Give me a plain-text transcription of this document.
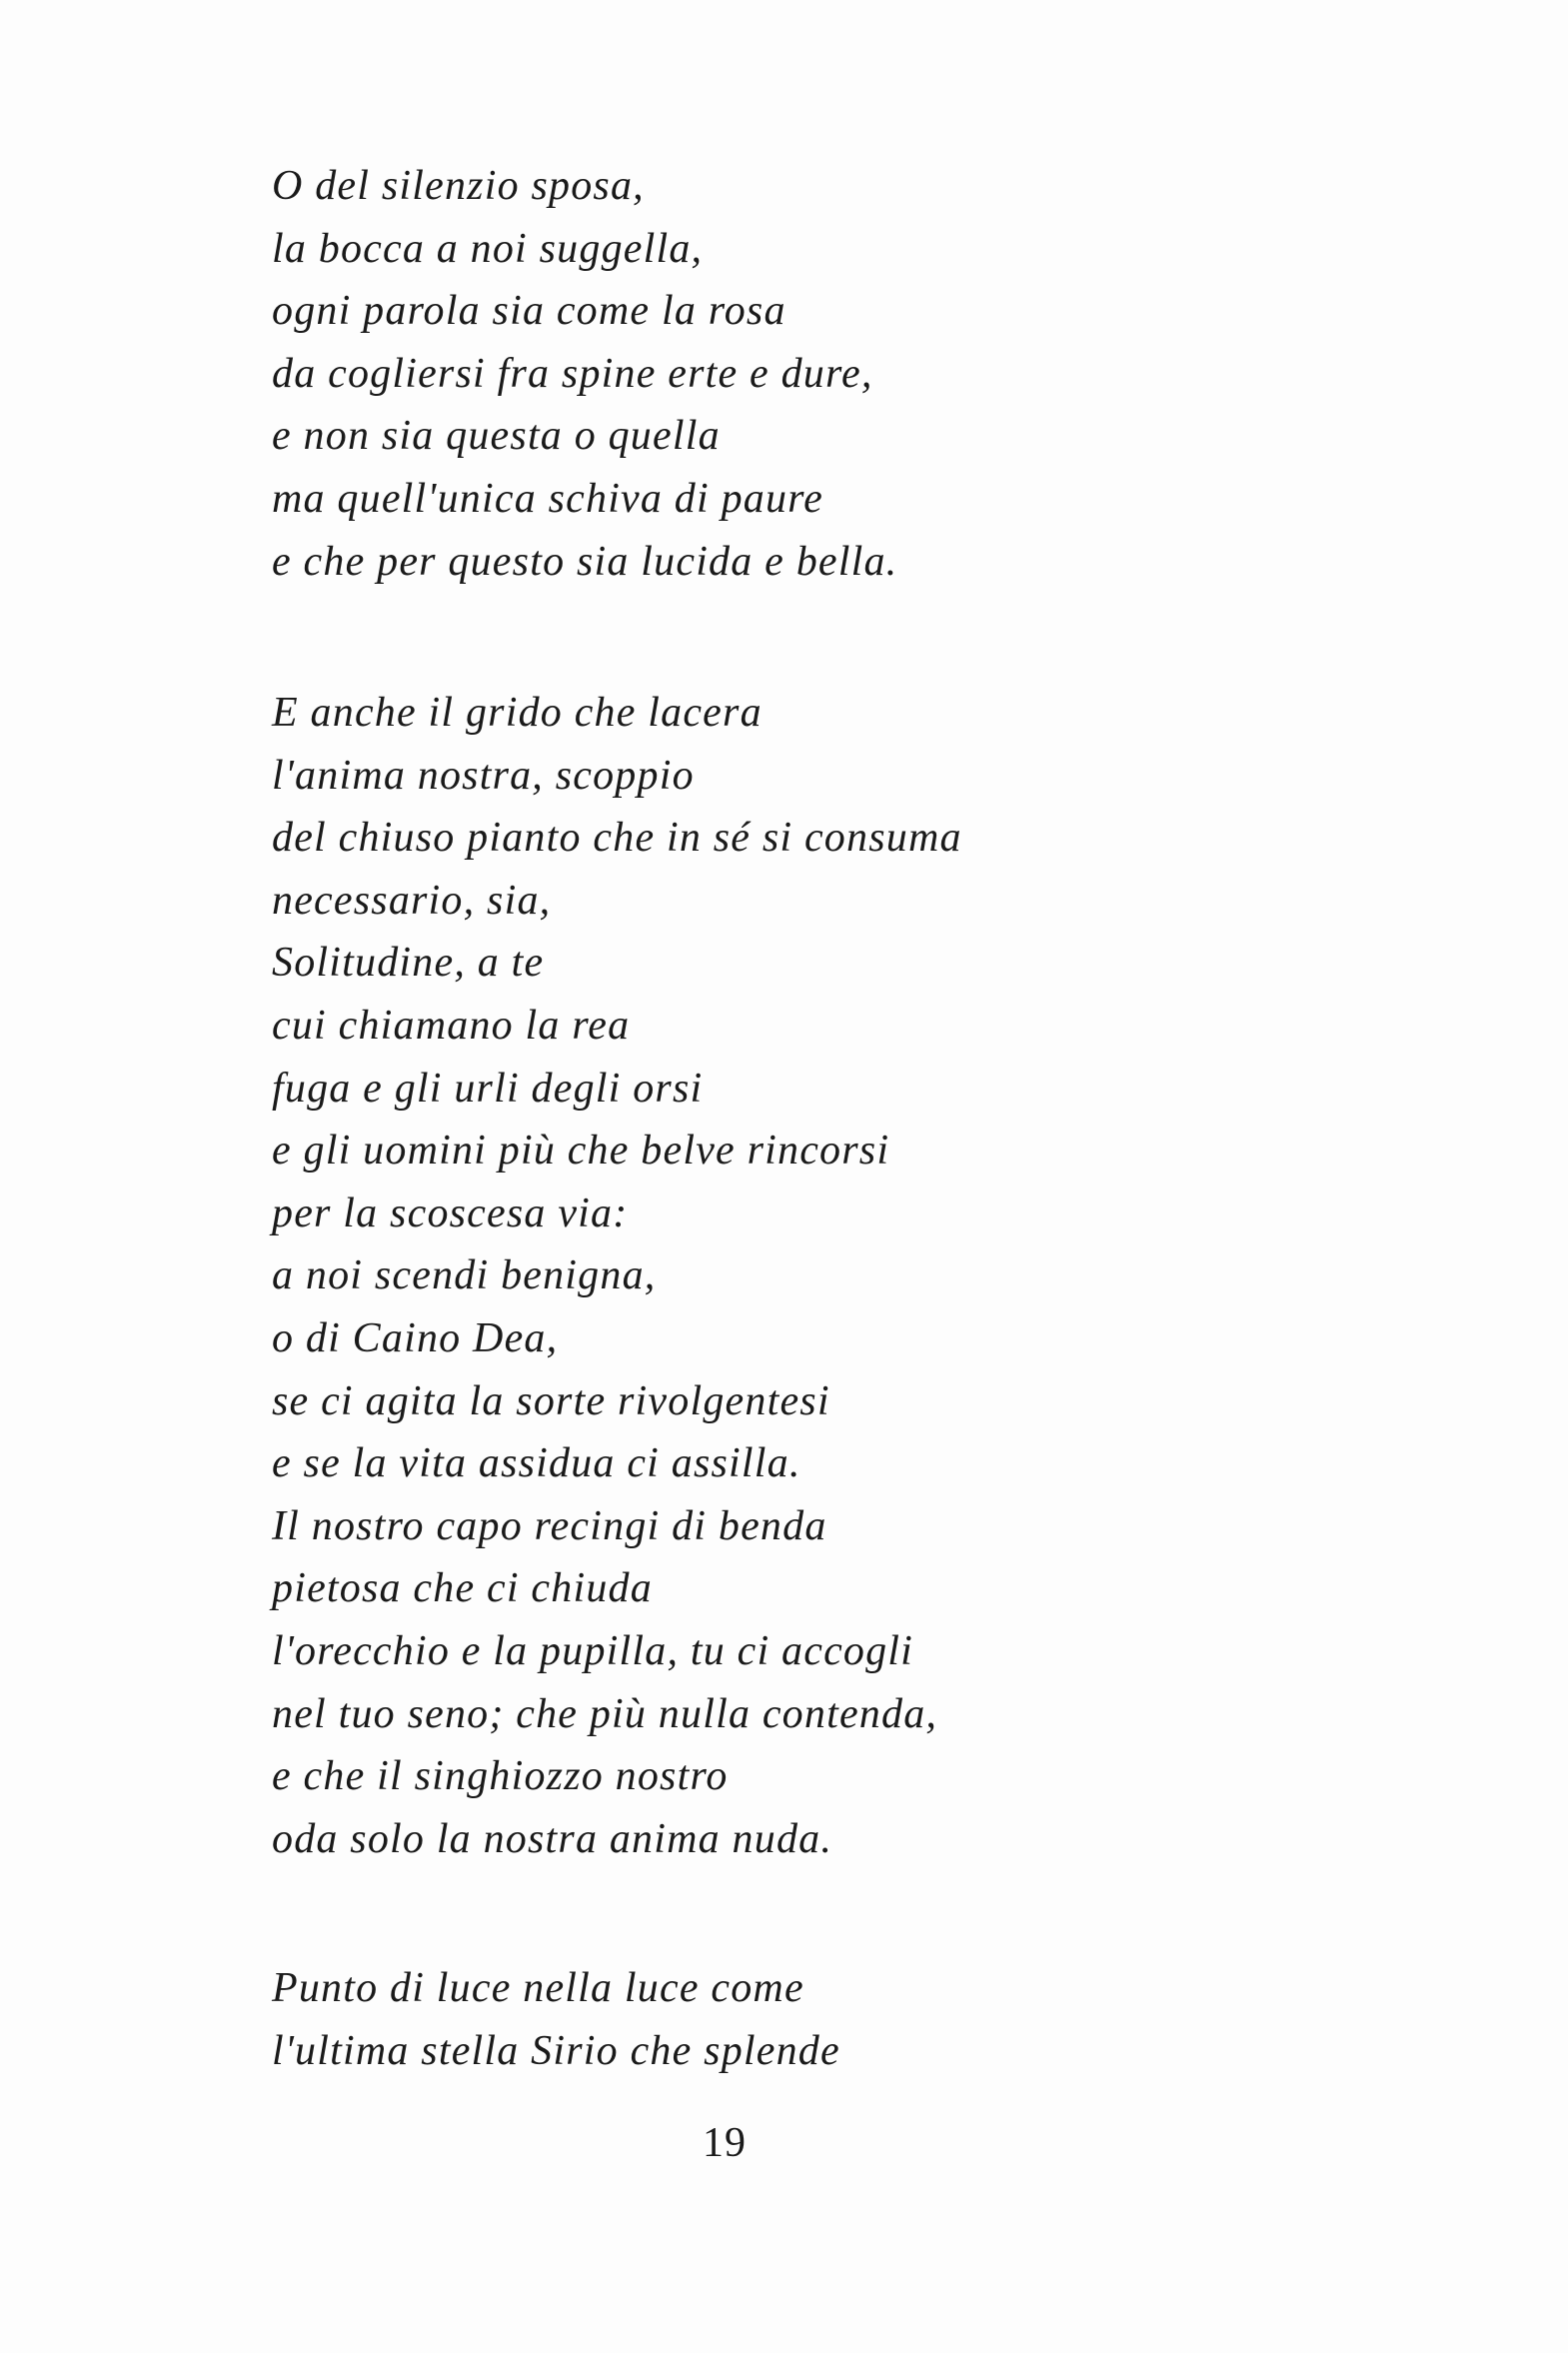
O del silenzio sposa,
la bocca a noi suggella,
ogni parola sia come la rosa
da cogliersi fra spine erte e dure,
e non sia questa o quella
ma quell'unica schiva di paure
e che per questo sia lucida e bella.
E anche il grido che lacera
l'anima nostra, scoppio
del chiuso pianto che in sé si consuma
necessario, sia,
Solitudine, a te
cui chiamano la rea
fuga e gli urli degli orsi
e gli uomini più che belve rincorsi
per la scoscesa via:
a noi scendi benigna,
o di Caino Dea,
se ci agita la sorte rivolgentesi
e se la vita assidua ci assilla.
Il nostro capo recingi di benda
pietosa che ci chiuda
l'orecchio e la pupilla, tu ci accogli
nel tuo seno; che più nulla contenda,
e che il singhiozzo nostro
oda solo la nostra anima nuda.
Punto di luce nella luce come
l'ultima stella Sirio che splende
19
